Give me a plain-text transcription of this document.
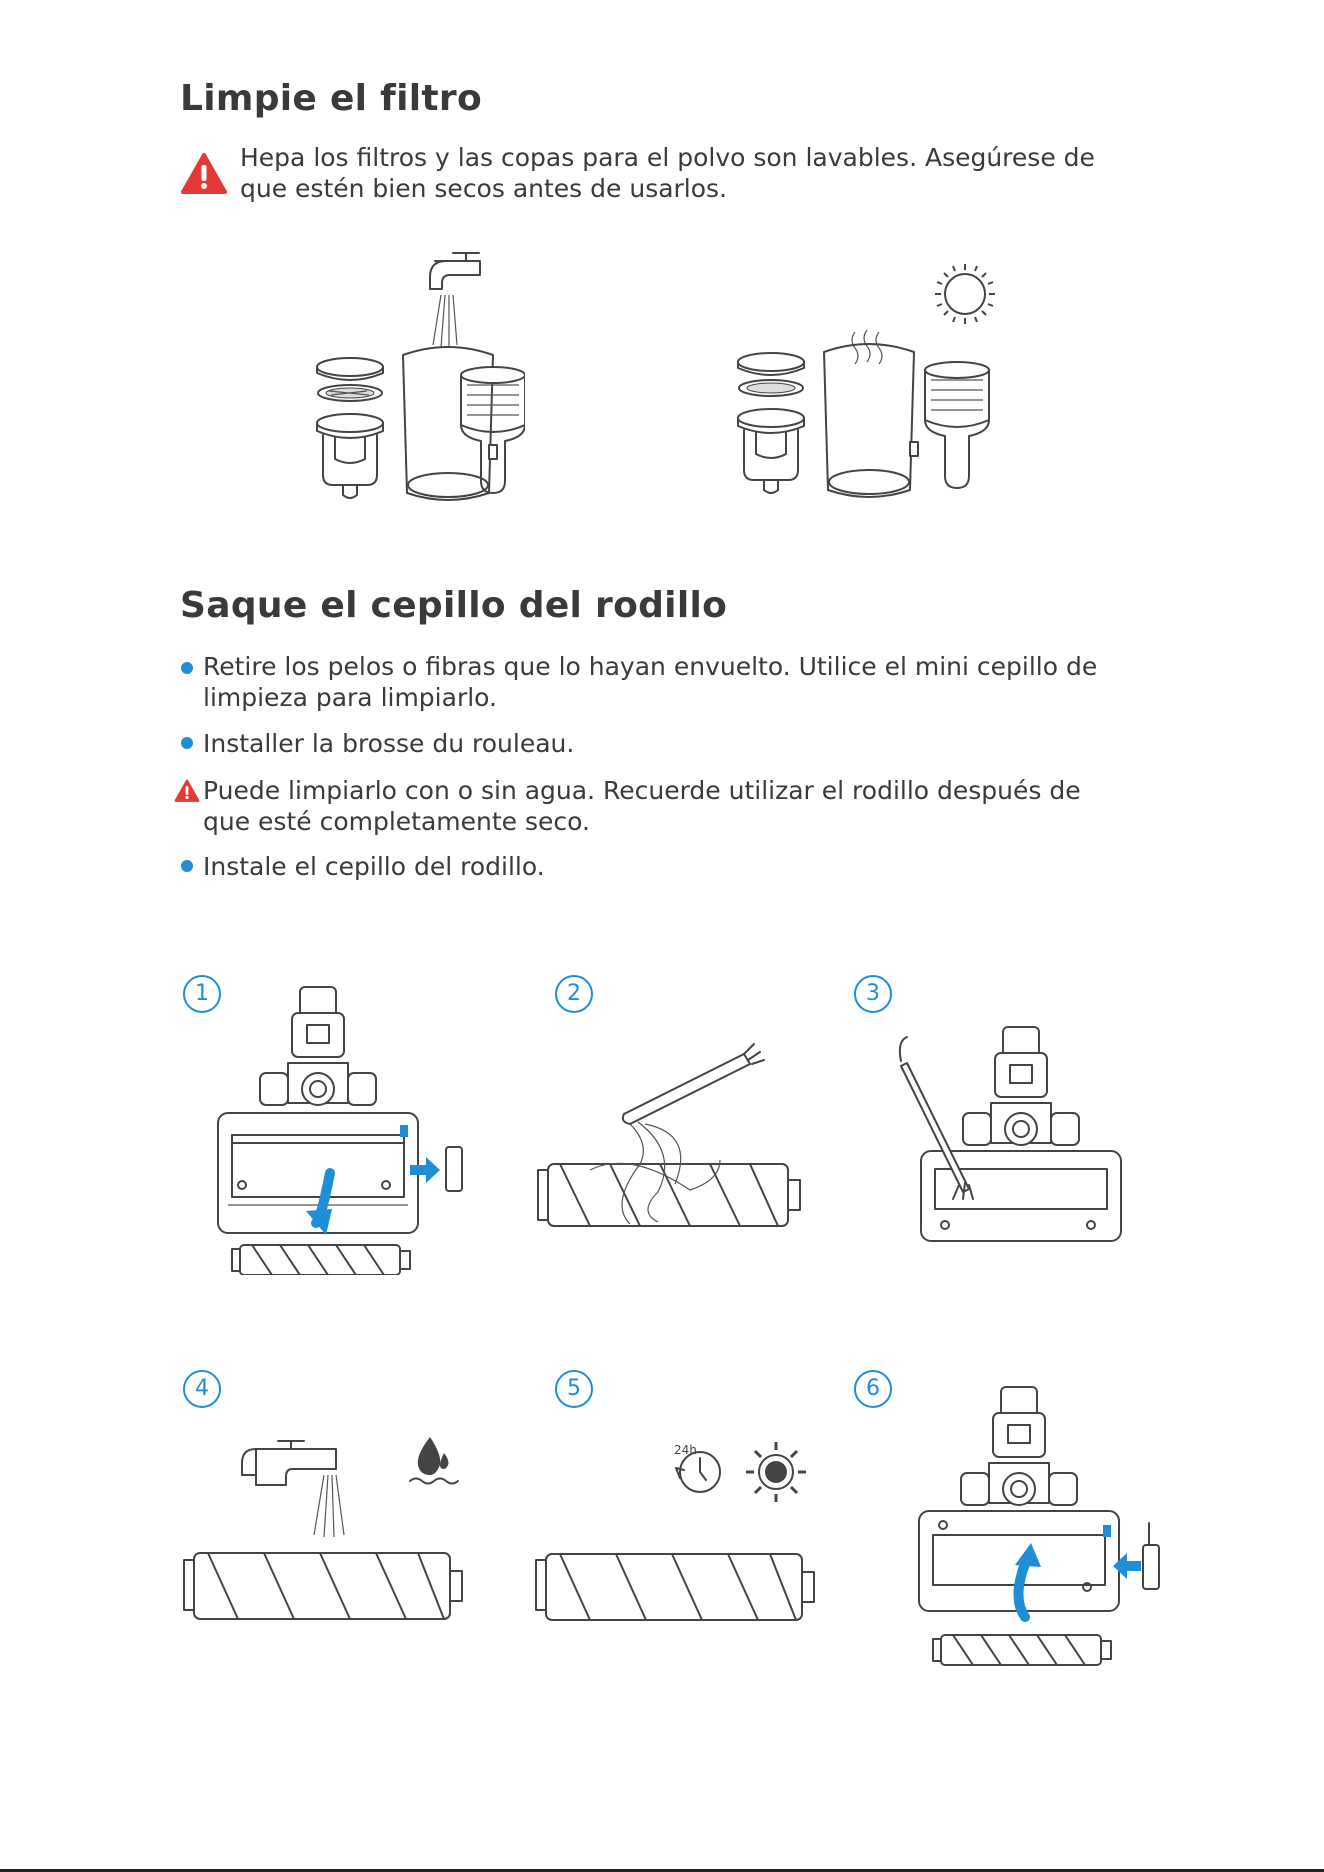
Limpie el filtro
Hepa los filtros y las copas para el polvo son lavables. Asegúrese de que estén bien secos antes de usarlos.
Saque el cepillo del rodillo
Retire los pelos o fibras que lo hayan envuelto. Utilice el mini cepillo de
limpieza para limpiarlo.
Installer la brosse du rouleau.
Puede limpiarlo con o sin agua. Recuerde utilizar el rodillo después de
que esté completamente seco.
Instale el cepillo del rodillo.
1	2	3
4	5	6
24h
